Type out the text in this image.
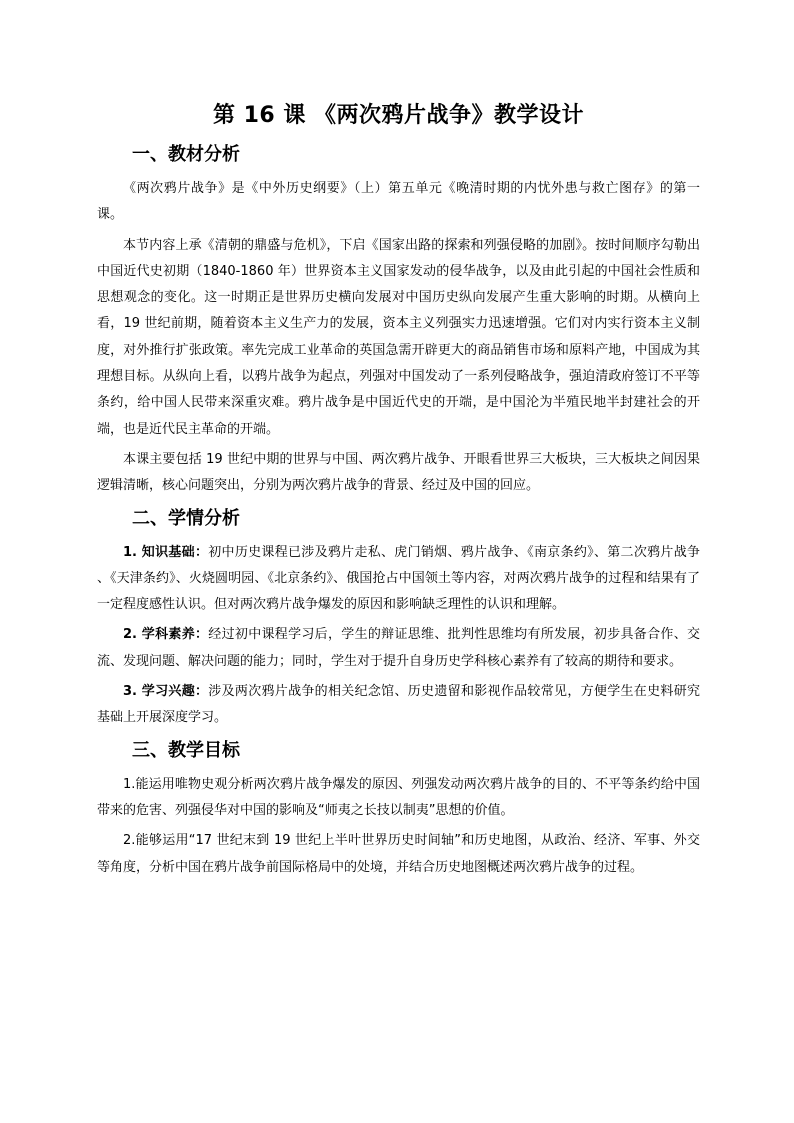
第 16 课 《两次鸦片战争》教学设计
一、教材分析

《两次鸦片战争》是《中外历史纲要》（上）第五单元《晚清时期的内忧外患与救亡图存》的第一课。

本节内容上承《清朝的鼎盛与危机》，下启《国家出路的探索和列强侵略的加剧》。按时间顺序勾勒出中国近代史初期（1840-1860 年）世界资本主义国家发动的侵华战争，以及由此引起的中国社会性质和思想观念的变化。这一时期正是世界历史横向发展对中国历史纵向发展产生重大影响的时期。从横向上看，19 世纪前期，随着资本主义生产力的发展，资本主义列强实力迅速增强。它们对内实行资本主义制度，对外推行扩张政策。率先完成工业革命的英国急需开辟更大的商品销售市场和原料产地，中国成为其理想目标。从纵向上看，以鸦片战争为起点，列强对中国发动了一系列侵略战争，强迫清政府签订不平等条约，给中国人民带来深重灾难。鸦片战争是中国近代史的开端，是中国沦为半殖民地半封建社会的开端，也是近代民主革命的开端。

本课主要包括 19 世纪中期的世界与中国、两次鸦片战争、开眼看世界三大板块，三大板块之间因果逻辑清晰，核心问题突出，分别为两次鸦片战争的背景、经过及中国的回应。

二、学情分析

1. 知识基础：初中历史课程已涉及鸦片走私、虎门销烟、鸦片战争、《南京条约》、第二次鸦片战争 、《天津条约》、火烧圆明园、《北京条约》、俄国抢占中国领土等内容，对两次鸦片战争的过程和结果有了一定程度感性认识。但对两次鸦片战争爆发的原因和影响缺乏理性的认识和理解。

2. 学科素养：经过初中课程学习后，学生的辩证思维、批判性思维均有所发展，初步具备合作、交流、发现问题、解决问题的能力；同时，学生对于提升自身历史学科核心素养有了较高的期待和要求。

3. 学习兴趣：涉及两次鸦片战争的相关纪念馆、历史遗留和影视作品较常见，方便学生在史料研究基础上开展深度学习。

三、教学目标

1.能运用唯物史观分析两次鸦片战争爆发的原因、列强发动两次鸦片战争的目的、不平等条约给中国带来的危害、列强侵华对中国的影响及“师夷之长技以制夷”思想的价值。

2.能够运用“17 世纪末到 19 世纪上半叶世界历史时间轴”和历史地图，从政治、经济、军事、外交等角度，分析中国在鸦片战争前国际格局中的处境，并结合历史地图概述两次鸦片战争的过程。
